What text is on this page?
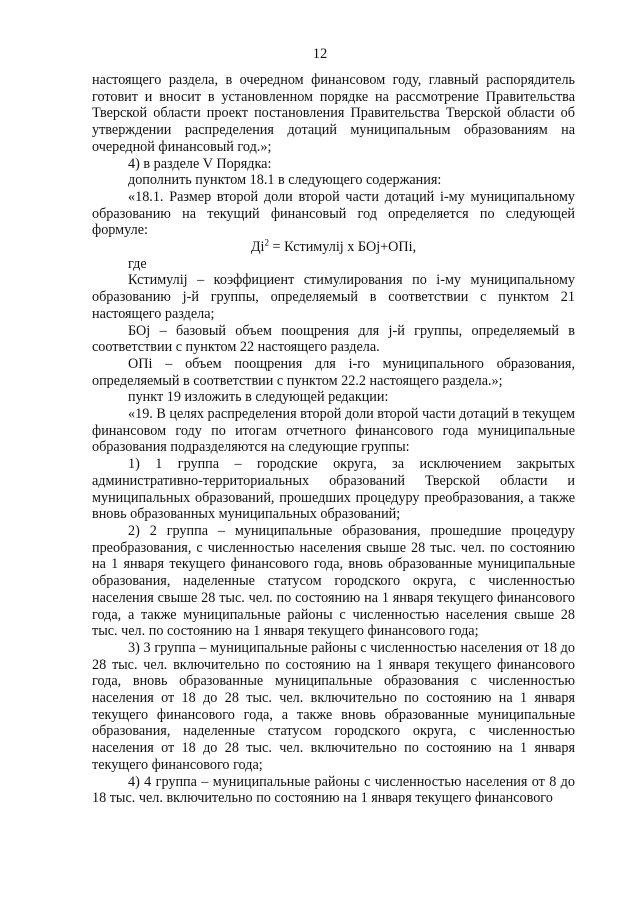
12

настоящего раздела, в очередном финансовом году, главный распорядитель готовит и вносит в установленном порядке на рассмотрение Правительства Тверской области проект постановления Правительства Тверской области об утверждении распределения дотаций муниципальным образованиям на очередной финансовый год.»;

4) в разделе V Порядка:

дополнить пунктом 18.1 в следующего содержания:

«18.1. Размер второй доли второй части дотаций i-му муниципальному образованию на текущий финансовый год определяется по следующей формуле:

$Дi^2$ = Кстимулij х БОj+ОПi,

где

Кстимулij – коэффициент стимулирования по i-му муниципальному образованию j-й группы, определяемый в соответствии с пунктом 21 настоящего раздела;

БОj – базовый объем поощрения для j-й группы, определяемый в соответствии с пунктом 22 настоящего раздела.

ОПi – объем поощрения для i-го муниципального образования, определяемый в соответствии с пунктом 22.2 настоящего раздела.»;

пункт 19 изложить в следующей редакции:

«19. В целях распределения второй доли второй части дотаций в текущем финансовом году по итогам отчетного финансового года муниципальные образования подразделяются на следующие группы:

1) 1 группа – городские округа, за исключением закрытых административно-территориальных образований Тверской области и муниципальных образований, прошедших процедуру преобразования, а также вновь образованных муниципальных образований;

2) 2 группа – муниципальные образования, прошедшие процедуру преобразования, с численностью населения свыше 28 тыс. чел. по состоянию на 1 января текущего финансового года, вновь образованные муниципальные образования, наделенные статусом городского округа, с численностью населения свыше 28 тыс. чел. по состоянию на 1 января текущего финансового года, а также муниципальные районы с численностью населения свыше 28 тыс. чел. по состоянию на 1 января текущего финансового года;

3) 3 группа – муниципальные районы с численностью населения от 18 до 28 тыс. чел. включительно по состоянию на 1 января текущего финансового года, вновь образованные муниципальные образования с численностью населения от 18 до 28 тыс. чел. включительно по состоянию на 1 января текущего финансового года, а также вновь образованные муниципальные образования, наделенные статусом городского округа, с численностью населения от 18 до 28 тыс. чел. включительно по состоянию на 1 января текущего финансового года;

4) 4 группа – муниципальные районы с численностью населения от 8 до 18 тыс. чел. включительно по состоянию на 1 января текущего финансового
